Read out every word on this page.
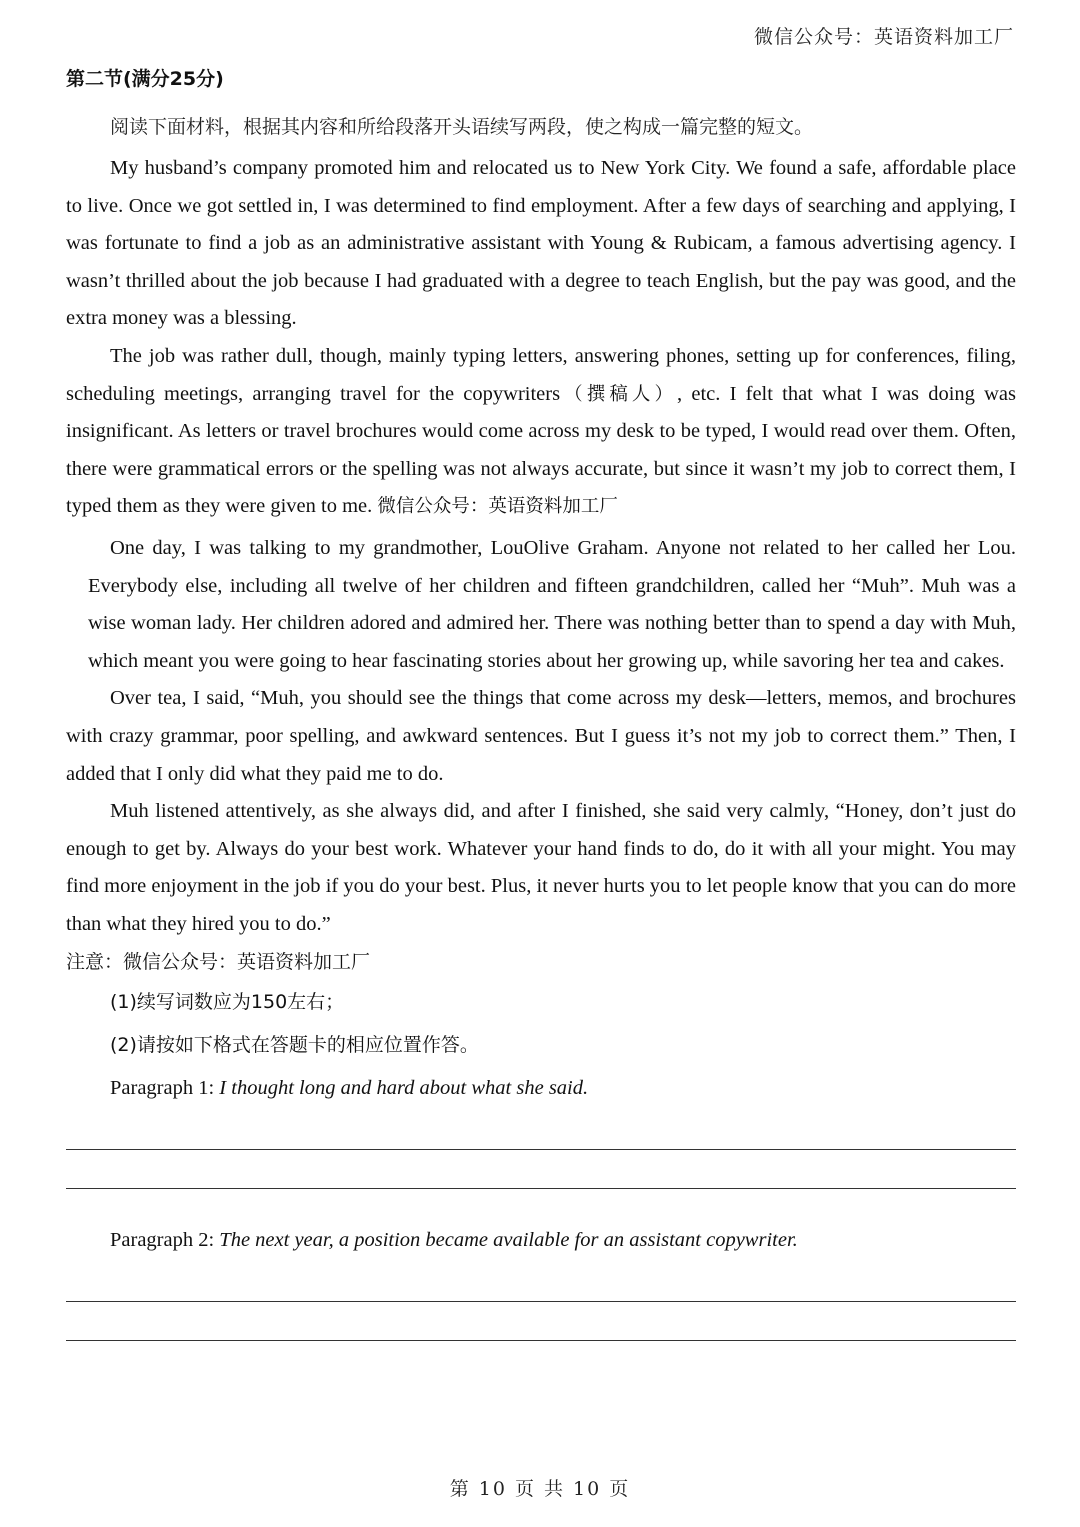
微信公众号：英语资料加工厂
第二节(满分25分)
阅读下面材料，根据其内容和所给段落开头语续写两段，使之构成一篇完整的短文。

My husband’s company promoted him and relocated us to New York City. We found a safe, affordable place to live. Once we got settled in, I was determined to find employment. After a few days of searching and applying, I was fortunate to find a job as an administrative assistant with Young & Rubicam, a famous advertising agency. I wasn’t thrilled about the job because I had graduated with a degree to teach English, but the pay was good, and the extra money was a blessing.

The job was rather dull, though, mainly typing letters, answering phones, setting up for conferences, filing, scheduling meetings, arranging travel for the copywriters（撰稿人）, etc. I felt that what I was doing was insignificant. As letters or travel brochures would come across my desk to be typed, I would read over them. Often, there were grammatical errors or the spelling was not always accurate, but since it wasn’t my job to correct them, I typed them as they were given to me. 微信公众号：英语资料加工厂

One day, I was talking to my grandmother, LouOlive Graham. Anyone not related to her called her Lou. Everybody else, including all twelve of her children and fifteen grandchildren, called her “Muh”. Muh was a wise woman lady. Her children adored and admired her. There was nothing better than to spend a day with Muh, which meant you were going to hear fascinating stories about her growing up, while savoring her tea and cakes.

Over tea, I said, “Muh, you should see the things that come across my desk—letters, memos, and brochures with crazy grammar, poor spelling, and awkward sentences. But I guess it’s not my job to correct them.” Then, I added that I only did what they paid me to do.

Muh listened attentively, as she always did, and after I finished, she said very calmly, “Honey, don’t just do enough to get by. Always do your best work. Whatever your hand finds to do, do it with all your might. You may find more enjoyment in the job if you do your best. Plus, it never hurts you to let people know that you can do more than what they hired you to do.”

注意：微信公众号：英语资料加工厂
(1)续写词数应为150左右；
(2)请按如下格式在答题卡的相应位置作答。
Paragraph 1: I thought long and hard about what she said.
Paragraph 2: The next year, a position became available for an assistant copywriter.
第 10 页 共 10 页
